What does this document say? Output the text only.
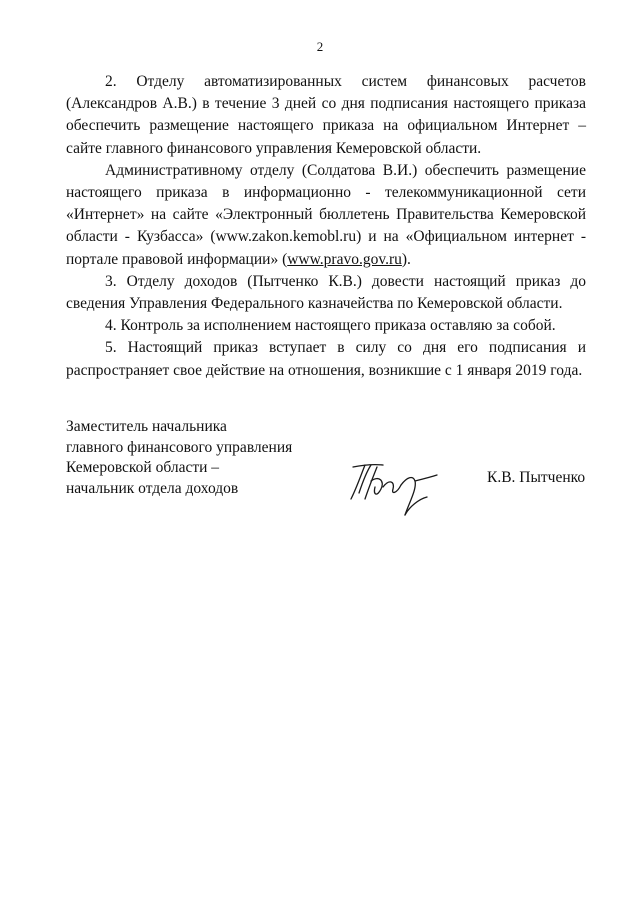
2

2. Отделу автоматизированных систем финансовых расчетов (Александров А.В.) в течение 3 дней со дня подписания настоящего приказа обеспечить размещение настоящего приказа на официальном Интернет – сайте главного финансового управления Кемеровской области.

Административному отделу (Солдатова В.И.) обеспечить размещение настоящего приказа в информационно - телекоммуникационной сети «Интернет» на сайте «Электронный бюллетень Правительства Кемеровской области - Кузбасса» (www.zakon.kemobl.ru) и на «Официальном интернет - портале правовой информации» (www.pravo.gov.ru).

3. Отделу доходов (Пытченко К.В.) довести настоящий приказ до сведения Управления Федерального казначейства по Кемеровской области.

4. Контроль за исполнением настоящего приказа оставляю за собой.

5. Настоящий приказ вступает в силу со дня его подписания и распространяет свое действие на отношения, возникшие с 1 января 2019 года.

Заместитель начальника
главного финансового управления
Кемеровской области –
начальник отдела доходов
К.В. Пытченко
